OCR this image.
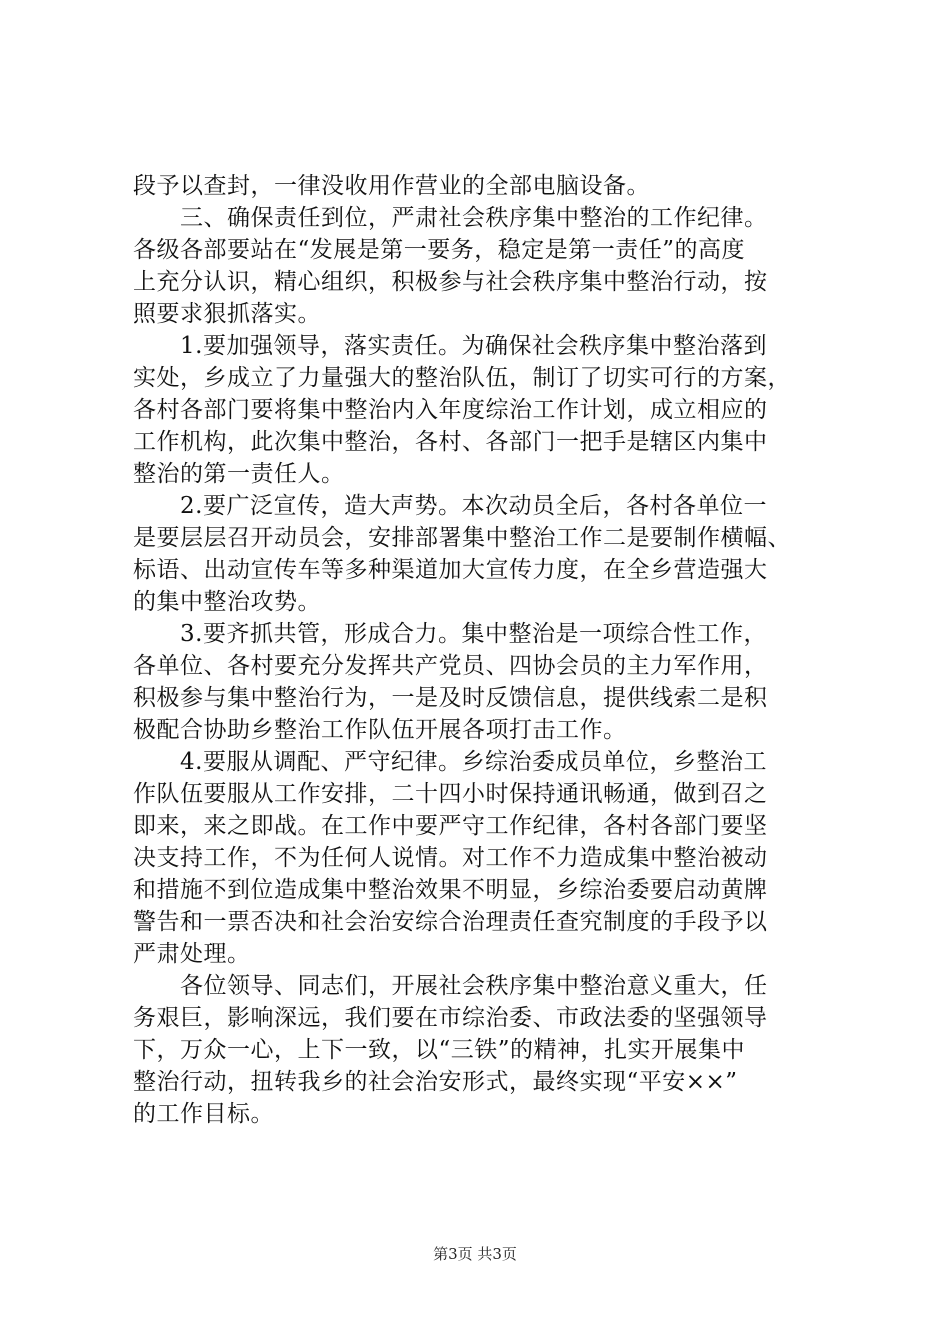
段予以查封，一律没收用作营业的全部电脑设备。
　　三、确保责任到位，严肃社会秩序集中整治的工作纪律。
各级各部要站在“发展是第一要务，稳定是第一责任”的高度
上充分认识，精心组织，积极参与社会秩序集中整治行动，按
照要求狠抓落实。
　　1.要加强领导，落实责任。为确保社会秩序集中整治落到
实处，乡成立了力量强大的整治队伍，制订了切实可行的方案，
各村各部门要将集中整治内入年度综治工作计划，成立相应的
工作机构，此次集中整治，各村、各部门一把手是辖区内集中
整治的第一责任人。
　　2.要广泛宣传，造大声势。本次动员全后，各村各单位一
是要层层召开动员会，安排部署集中整治工作二是要制作横幅、
标语、出动宣传车等多种渠道加大宣传力度，在全乡营造强大
的集中整治攻势。
　　3.要齐抓共管，形成合力。集中整治是一项综合性工作，
各单位、各村要充分发挥共产党员、四协会员的主力军作用，
积极参与集中整治行为，一是及时反馈信息，提供线索二是积
极配合协助乡整治工作队伍开展各项打击工作。
　　4.要服从调配、严守纪律。乡综治委成员单位，乡整治工
作队伍要服从工作安排，二十四小时保持通讯畅通，做到召之
即来，来之即战。在工作中要严守工作纪律，各村各部门要坚
决支持工作，不为任何人说情。对工作不力造成集中整治被动
和措施不到位造成集中整治效果不明显，乡综治委要启动黄牌
警告和一票否决和社会治安综合治理责任查究制度的手段予以
严肃处理。
　　各位领导、同志们，开展社会秩序集中整治意义重大，任
务艰巨，影响深远，我们要在市综治委、市政法委的坚强领导
下，万众一心，上下一致，以“三铁”的精神，扎实开展集中
整治行动，扭转我乡的社会治安形式，最终实现“平安××”
的工作目标。
第3页 共3页
